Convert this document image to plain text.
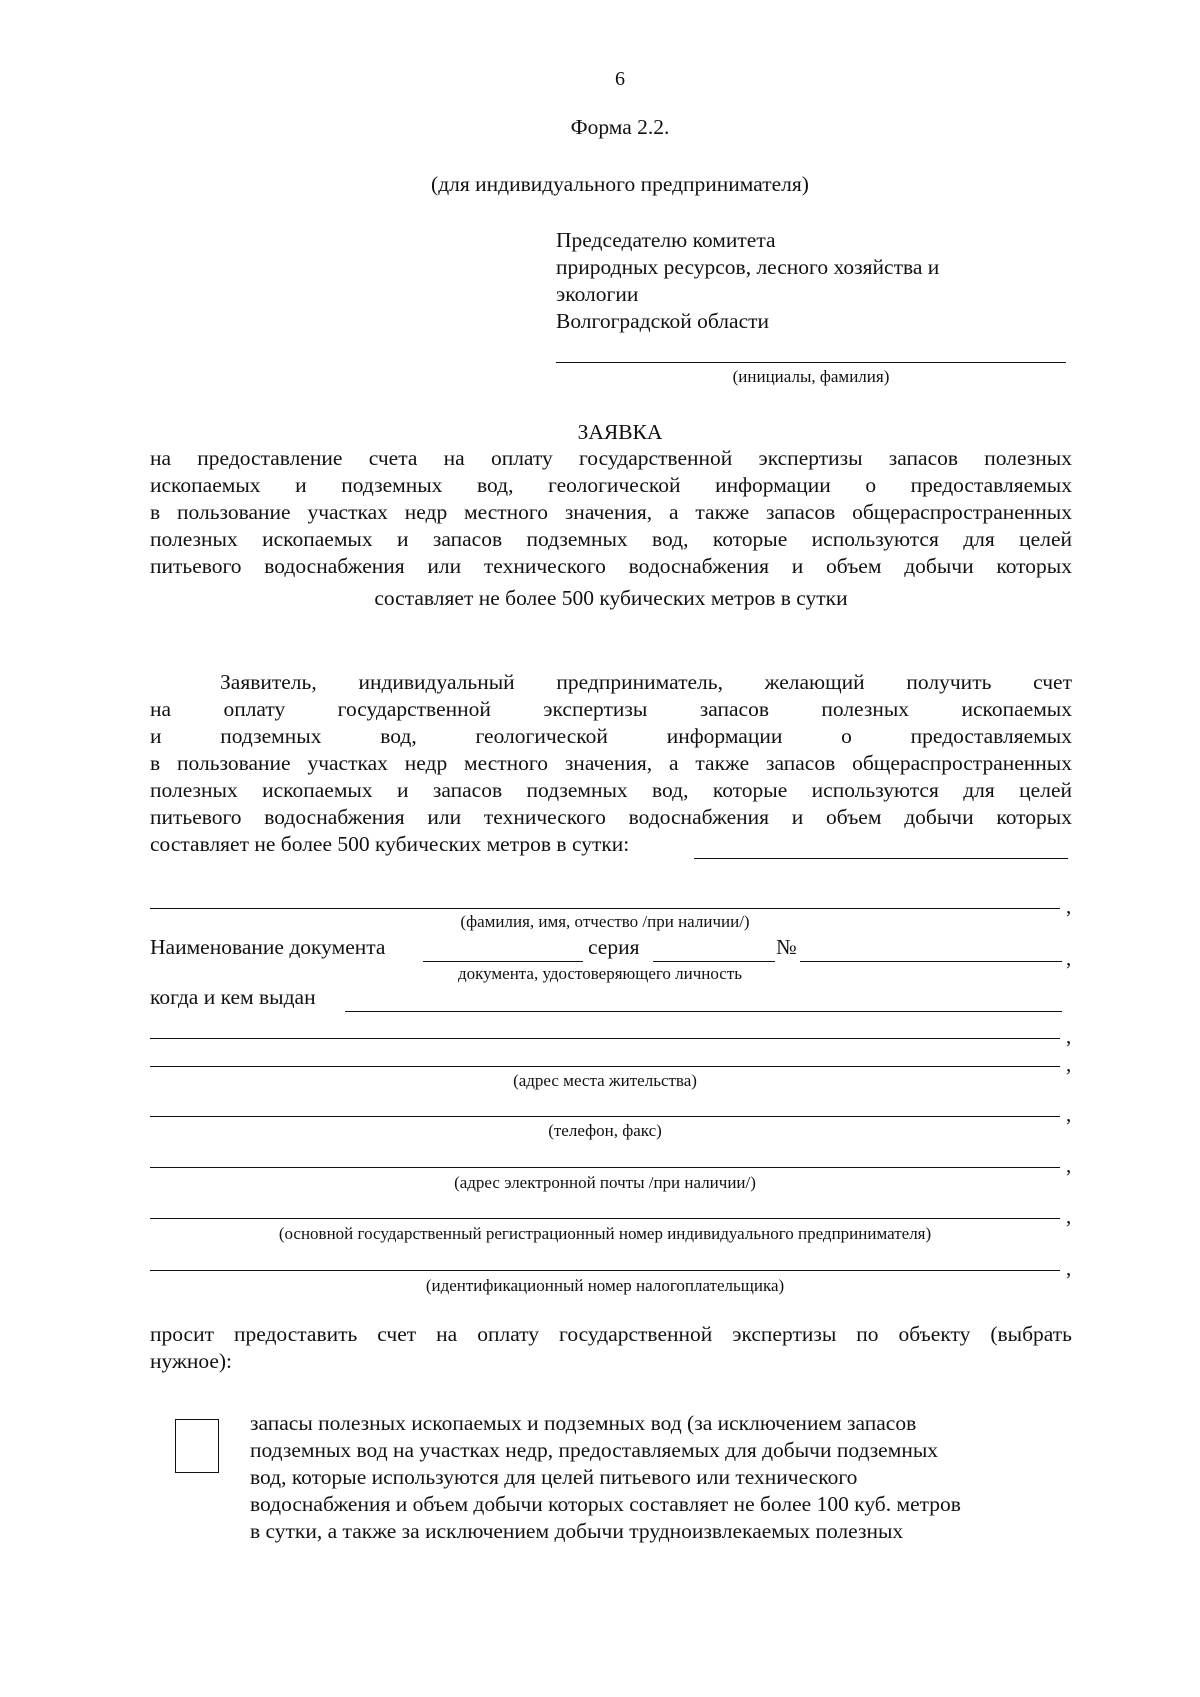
6
Форма 2.2.
(для индивидуального предпринимателя)
Председателю комитета
природных ресурсов, лесного хозяйства и
экологии
Волгоградской области
(инициалы, фамилия)
ЗАЯВКА
на предоставление счета на оплату государственной экспертизы запасов полезных
ископаемых и подземных вод, геологической информации о предоставляемых
в пользование участках недр местного значения, а также запасов общераспространенных
полезных ископаемых и запасов подземных вод, которые используются для целей
питьевого водоснабжения или технического водоснабжения и объем добычи которых
составляет не более 500 кубических метров в сутки
Заявитель, индивидуальный предприниматель, желающий получить счет
на оплату государственной экспертизы запасов полезных ископаемых
и подземных вод, геологической информации о предоставляемых
в пользование участках недр местного значения, а также запасов общераспространенных
полезных ископаемых и запасов подземных вод, которые используются для целей
питьевого водоснабжения или технического водоснабжения и объем добычи которых
составляет не более 500 кубических метров в сутки:
,
(фамилия, имя, отчество /при наличии/)
Наименование документа	серия	№	,
документа, удостоверяющего личность
когда и кем выдан
,
,
(адрес места жительства)
,
(телефон, факс)
,
(адрес электронной почты /при наличии/)
,
(основной государственный регистрационный номер индивидуального предпринимателя)
,
(идентификационный номер налогоплательщика)
просит предоставить счет на оплату государственной экспертизы по объекту (выбрать
нужное):
запасы полезных ископаемых и подземных вод (за исключением запасов
подземных вод на участках недр, предоставляемых для добычи подземных
вод, которые используются для целей питьевого или технического
водоснабжения и объем добычи которых составляет не более 100 куб. метров
в сутки, а также за исключением добычи трудноизвлекаемых полезных
